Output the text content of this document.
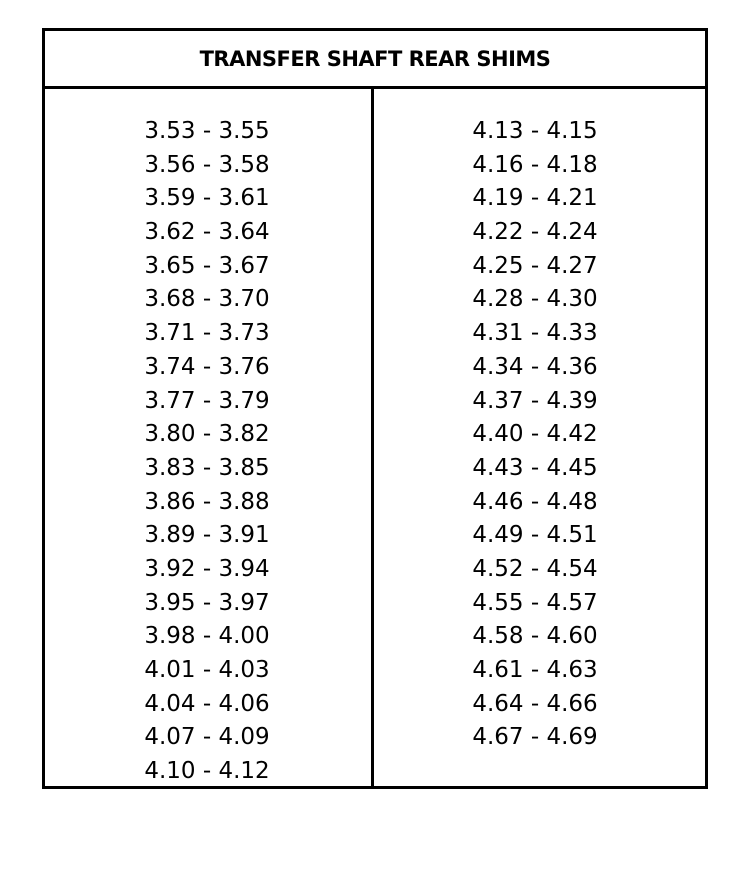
TRANSFER SHAFT REAR SHIMS
3.53 - 3.55
3.56 - 3.58
3.59 - 3.61
3.62 - 3.64
3.65 - 3.67
3.68 - 3.70
3.71 - 3.73
3.74 - 3.76
3.77 - 3.79
3.80 - 3.82
3.83 - 3.85
3.86 - 3.88
3.89 - 3.91
3.92 - 3.94
3.95 - 3.97
3.98 - 4.00
4.01 - 4.03
4.04 - 4.06
4.07 - 4.09
4.10 - 4.12
4.13 - 4.15
4.16 - 4.18
4.19 - 4.21
4.22 - 4.24
4.25 - 4.27
4.28 - 4.30
4.31 - 4.33
4.34 - 4.36
4.37 - 4.39
4.40 - 4.42
4.43 - 4.45
4.46 - 4.48
4.49 - 4.51
4.52 - 4.54
4.55 - 4.57
4.58 - 4.60
4.61 - 4.63
4.64 - 4.66
4.67 - 4.69
